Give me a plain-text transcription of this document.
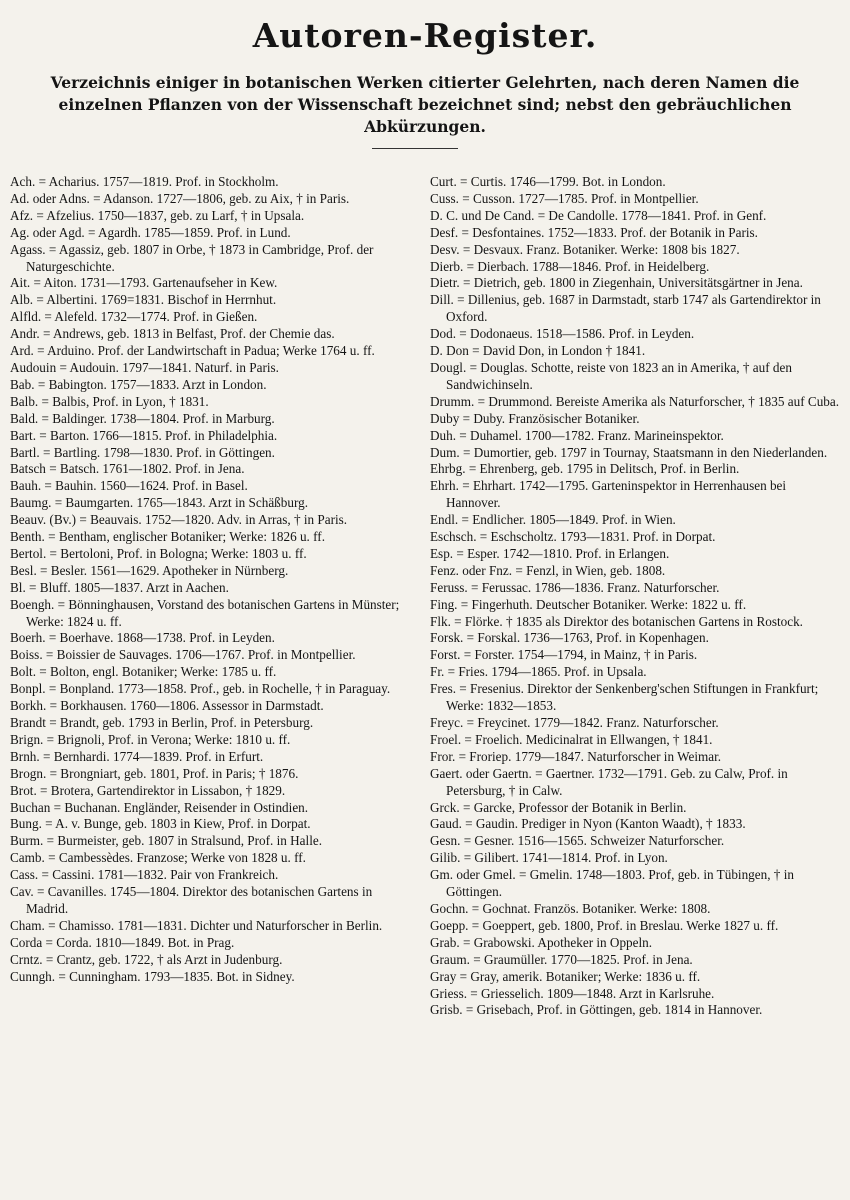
Autoren-Register.
Verzeichnis einiger in botanischen Werken citierter Gelehrten, nach deren Namen die einzelnen Pflanzen von der Wissenschaft bezeichnet sind; nebst den gebräuchlichen Abkürzungen.

Ach. = Acharius. 1757—1819. Prof. in Stockholm.

Ad. oder Adns. = Adanson. 1727—1806, geb. zu Aix, † in Paris.

Afz. = Afzelius. 1750—1837, geb. zu Larf, † in Upsala.

Ag. oder Agd. = Agardh. 1785—1859. Prof. in Lund.

Agass. = Agassiz, geb. 1807 in Orbe, † 1873 in Cambridge, Prof. der Naturgeschichte.

Ait. = Aiton. 1731—1793. Gartenaufseher in Kew.

Alb. = Albertini. 1769=1831. Bischof in Herrnhut.

Alfld. = Alefeld. 1732—1774. Prof. in Gießen.

Andr. = Andrews, geb. 1813 in Belfast, Prof. der Chemie das.

Ard. = Arduino. Prof. der Landwirtschaft in Padua; Werke 1764 u. ff.

Audouin = Audouin. 1797—1841. Naturf. in Paris.

Bab. = Babington. 1757—1833. Arzt in London.

Balb. = Balbis, Prof. in Lyon, † 1831.

Bald. = Baldinger. 1738—1804. Prof. in Marburg.

Bart. = Barton. 1766—1815. Prof. in Philadelphia.

Bartl. = Bartling. 1798—1830. Prof. in Göttingen.

Batsch = Batsch. 1761—1802. Prof. in Jena.

Bauh. = Bauhin. 1560—1624. Prof. in Basel.

Baumg. = Baumgarten. 1765—1843. Arzt in Schäßburg.

Beauv. (Bv.) = Beauvais. 1752—1820. Adv. in Arras, † in Paris.

Benth. = Bentham, englischer Botaniker; Werke: 1826 u. ff.

Bertol. = Bertoloni, Prof. in Bologna; Werke: 1803 u. ff.

Besl. = Besler. 1561—1629. Apotheker in Nürnberg.

Bl. = Bluff. 1805—1837. Arzt in Aachen.

Boengh. = Bönninghausen, Vorstand des botanischen Gartens in Münster; Werke: 1824 u. ff.

Boerh. = Boerhave. 1868—1738. Prof. in Leyden.

Boiss. = Boissier de Sauvages. 1706—1767. Prof. in Montpellier.

Bolt. = Bolton, engl. Botaniker; Werke: 1785 u. ff.

Bonpl. = Bonpland. 1773—1858. Prof., geb. in Rochelle, † in Paraguay.

Borkh. = Borkhausen. 1760—1806. Assessor in Darmstadt.

Brandt = Brandt, geb. 1793 in Berlin, Prof. in Petersburg.

Brign. = Brignoli, Prof. in Verona; Werke: 1810 u. ff.

Brnh. = Bernhardi. 1774—1839. Prof. in Erfurt.

Brogn. = Brongniart, geb. 1801, Prof. in Paris; † 1876.

Brot. = Brotera, Gartendirektor in Lissabon, † 1829.

Buchan = Buchanan. Engländer, Reisender in Ostindien.

Bung. = A. v. Bunge, geb. 1803 in Kiew, Prof. in Dorpat.

Burm. = Burmeister, geb. 1807 in Stralsund, Prof. in Halle.

Camb. = Cambessèdes. Franzose; Werke von 1828 u. ff.

Cass. = Cassini. 1781—1832. Pair von Frankreich.

Cav. = Cavanilles. 1745—1804. Direktor des botanischen Gartens in Madrid.

Cham. = Chamisso. 1781—1831. Dichter und Naturforscher in Berlin.

Corda = Corda. 1810—1849. Bot. in Prag.

Crntz. = Crantz, geb. 1722, † als Arzt in Judenburg.

Cunngh. = Cunningham. 1793—1835. Bot. in Sidney.

Curt. = Curtis. 1746—1799. Bot. in London.

Cuss. = Cusson. 1727—1785. Prof. in Montpellier.

D. C. und De Cand. = De Candolle. 1778—1841. Prof. in Genf.

Desf. = Desfontaines. 1752—1833. Prof. der Botanik in Paris.

Desv. = Desvaux. Franz. Botaniker. Werke: 1808 bis 1827.

Dierb. = Dierbach. 1788—1846. Prof. in Heidelberg.

Dietr. = Dietrich, geb. 1800 in Ziegenhain, Universitätsgärtner in Jena.

Dill. = Dillenius, geb. 1687 in Darmstadt, starb 1747 als Gartendirektor in Oxford.

Dod. = Dodonaeus. 1518—1586. Prof. in Leyden.

D. Don = David Don, in London † 1841.

Dougl. = Douglas. Schotte, reiste von 1823 an in Amerika, † auf den Sandwichinseln.

Drumm. = Drummond. Bereiste Amerika als Naturforscher, † 1835 auf Cuba.

Duby = Duby. Französischer Botaniker.

Duh. = Duhamel. 1700—1782. Franz. Marineinspektor.

Dum. = Dumortier, geb. 1797 in Tournay, Staatsmann in den Niederlanden.

Ehrbg. = Ehrenberg, geb. 1795 in Delitsch, Prof. in Berlin.

Ehrh. = Ehrhart. 1742—1795. Garteninspektor in Herrenhausen bei Hannover.

Endl. = Endlicher. 1805—1849. Prof. in Wien.

Eschsch. = Eschscholtz. 1793—1831. Prof. in Dorpat.

Esp. = Esper. 1742—1810. Prof. in Erlangen.

Fenz. oder Fnz. = Fenzl, in Wien, geb. 1808.

Feruss. = Ferussac. 1786—1836. Franz. Naturforscher.

Fing. = Fingerhuth. Deutscher Botaniker. Werke: 1822 u. ff.

Flk. = Flörke. † 1835 als Direktor des botanischen Gartens in Rostock.

Forsk. = Forskal. 1736—1763, Prof. in Kopenhagen.

Forst. = Forster. 1754—1794, in Mainz, † in Paris.

Fr. = Fries. 1794—1865. Prof. in Upsala.

Fres. = Fresenius. Direktor der Senkenberg'schen Stiftungen in Frankfurt; Werke: 1832—1853.

Freyc. = Freycinet. 1779—1842. Franz. Naturforscher.

Froel. = Froelich. Medicinalrat in Ellwangen, † 1841.

Fror. = Froriep. 1779—1847. Naturforscher in Weimar.

Gaert. oder Gaertn. = Gaertner. 1732—1791. Geb. zu Calw, Prof. in Petersburg, † in Calw.

Grck. = Garcke, Professor der Botanik in Berlin.

Gaud. = Gaudin. Prediger in Nyon (Kanton Waadt), † 1833.

Gesn. = Gesner. 1516—1565. Schweizer Naturforscher.

Gilib. = Gilibert. 1741—1814. Prof. in Lyon.

Gm. oder Gmel. = Gmelin. 1748—1803. Prof, geb. in Tübingen, † in Göttingen.

Gochn. = Gochnat. Französ. Botaniker. Werke: 1808.

Goepp. = Goeppert, geb. 1800, Prof. in Breslau. Werke 1827 u. ff.

Grab. = Grabowski. Apotheker in Oppeln.

Graum. = Graumüller. 1770—1825. Prof. in Jena.

Gray = Gray, amerik. Botaniker; Werke: 1836 u. ff.

Griess. = Griesselich. 1809—1848. Arzt in Karlsruhe.

Grisb. = Grisebach, Prof. in Göttingen, geb. 1814 in Hannover.
